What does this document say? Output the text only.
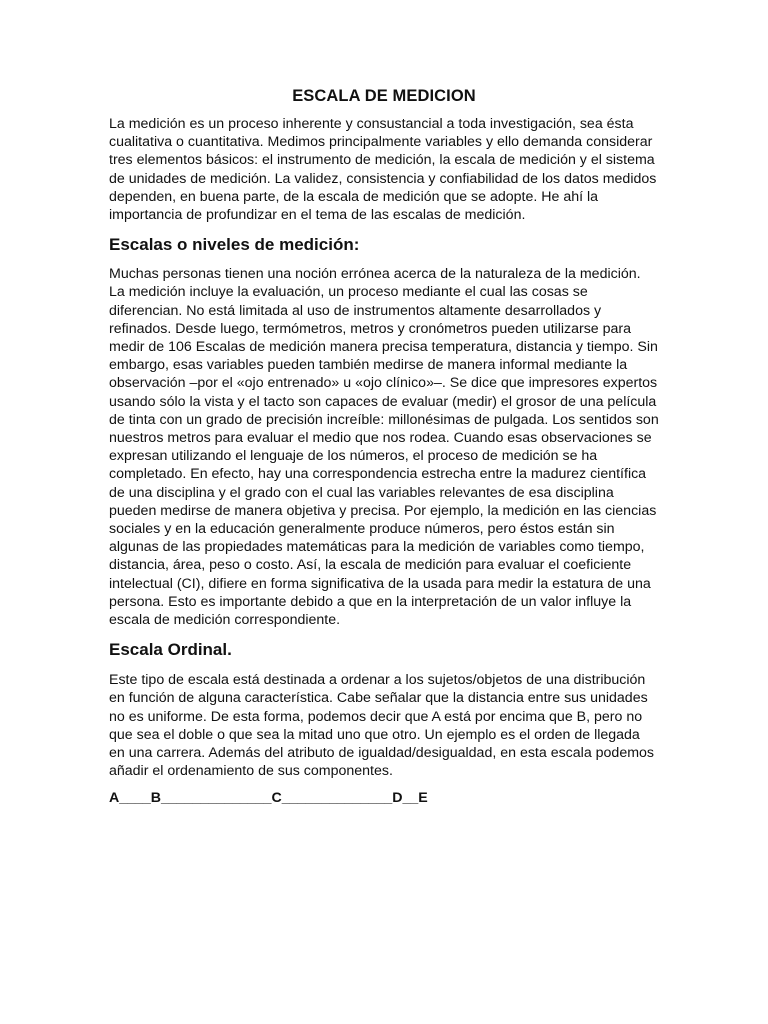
ESCALA DE MEDICION

La medición es un proceso inherente y consustancial a toda investigación, sea ésta cualitativa o cuantitativa. Medimos principalmente variables y ello demanda considerar tres elementos básicos: el instrumento de medición, la escala de medición y el sistema de unidades de medición. La validez, consistencia y confiabilidad de los datos medidos dependen, en buena parte, de la escala de medición que se adopte. He ahí la importancia de profundizar en el tema de las escalas de medición.

Escalas o niveles de medición:

Muchas personas tienen una noción errónea acerca de la naturaleza de la medición. La medición incluye la evaluación, un proceso mediante el cual las cosas se diferencian. No está limitada al uso de instrumentos altamente desarrollados y refinados. Desde luego, termómetros, metros y cronómetros pueden utilizarse para medir de 106 Escalas de medición manera precisa temperatura, distancia y tiempo. Sin embargo, esas variables pueden también medirse de manera informal mediante la observación –por el «ojo entrenado» u «ojo clínico»–. Se dice que impresores expertos usando sólo la vista y el tacto son capaces de evaluar (medir) el grosor de una película de tinta con un grado de precisión increíble: millonésimas de pulgada. Los sentidos son nuestros metros para evaluar el medio que nos rodea. Cuando esas observaciones se expresan utilizando el lenguaje de los números, el proceso de medición se ha completado. En efecto, hay una correspondencia estrecha entre la madurez científica de una disciplina y el grado con el cual las variables relevantes de esa disciplina pueden medirse de manera objetiva y precisa. Por ejemplo, la medición en las ciencias sociales y en la educación generalmente produce números, pero éstos están sin algunas de las propiedades matemáticas para la medición de variables como tiempo, distancia, área, peso o costo. Así, la escala de medición para evaluar el coeficiente intelectual (CI), difiere en forma significativa de la usada para medir la estatura de una persona. Esto es importante debido a que en la interpretación de un valor influye la escala de medición correspondiente.

Escala Ordinal.

Este tipo de escala está destinada a ordenar a los sujetos/objetos de una distribución en función de alguna característica. Cabe señalar que la distancia entre sus unidades no es uniforme. De esta forma, podemos decir que A está por encima que B, pero no que sea el doble o que sea la mitad uno que otro. Un ejemplo es el orden de llegada en una carrera. Además del atributo de igualdad/desigualdad, en esta escala podemos añadir el ordenamiento de sus componentes.

A____B______________C______________D__E
